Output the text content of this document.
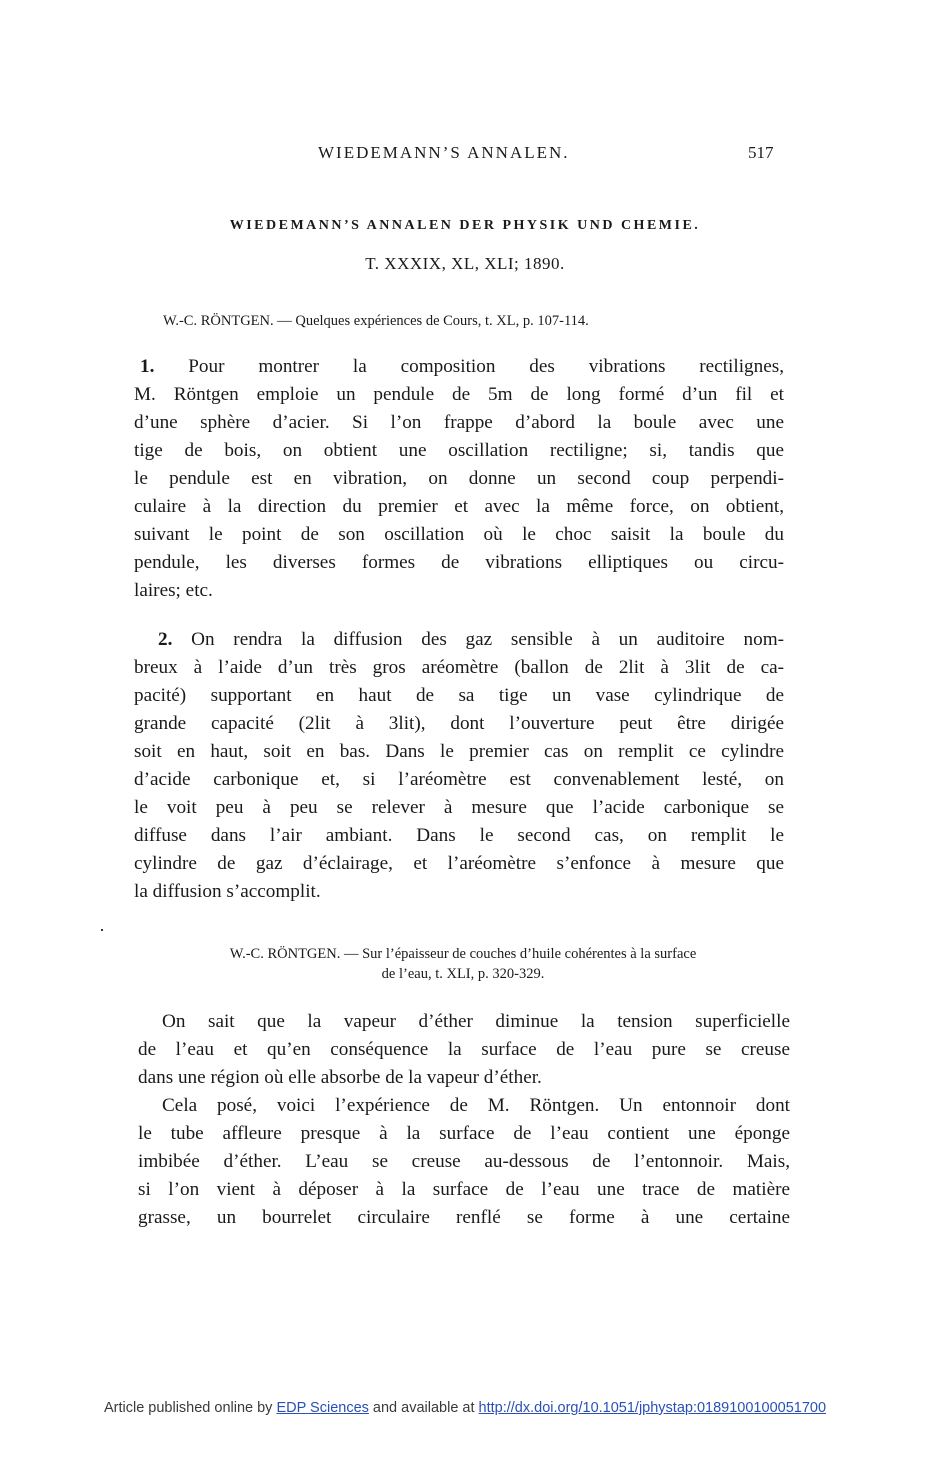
WIEDEMANN’S ANNALEN.	517
WIEDEMANN’S ANNALEN DER PHYSIK UND CHEMIE.
T. XXXIX, XL, XLI; 1890.
W.-C. RÖNTGEN. — Quelques expériences de Cours, t. XL, p. 107-114.
1. Pour montrer la composition des vibrations rectilignes,
M. Röntgen emploie un pendule de 5m de long formé d’un fil et
d’une sphère d’acier. Si l’on frappe d’abord la boule avec une
tige de bois, on obtient une oscillation rectiligne; si, tandis que
le pendule est en vibration, on donne un second coup perpendi-
culaire à la direction du premier et avec la même force, on obtient,
suivant le point de son oscillation où le choc saisit la boule du
pendule, les diverses formes de vibrations elliptiques ou circu-
laires; etc.
2. On rendra la diffusion des gaz sensible à un auditoire nom-
breux à l’aide d’un très gros aréomètre (ballon de 2lit à 3lit de ca-
pacité) supportant en haut de sa tige un vase cylindrique de
grande capacité (2lit à 3lit), dont l’ouverture peut être dirigée
soit en haut, soit en bas. Dans le premier cas on remplit ce cylindre
d’acide carbonique et, si l’aréomètre est convenablement lesté, on
le voit peu à peu se relever à mesure que l’acide carbonique se
diffuse dans l’air ambiant. Dans le second cas, on remplit le
cylindre de gaz d’éclairage, et l’aréomètre s’enfonce à mesure que
la diffusion s’accomplit.
W.-C. RÖNTGEN. — Sur l’épaisseur de couches d’huile cohérentes à la surface
de l’eau, t. XLI, p. 320-329.
On sait que la vapeur d’éther diminue la tension superficielle
de l’eau et qu’en conséquence la surface de l’eau pure se creuse
dans une région où elle absorbe de la vapeur d’éther.
Cela posé, voici l’expérience de M. Röntgen. Un entonnoir dont
le tube affleure presque à la surface de l’eau contient une éponge
imbibée d’éther. L’eau se creuse au-dessous de l’entonnoir. Mais,
si l’on vient à déposer à la surface de l’eau une trace de matière
grasse, un bourrelet circulaire renflé se forme à une certaine
Article published online by EDP Sciences and available at http://dx.doi.org/10.1051/jphystap:0189100100051700
